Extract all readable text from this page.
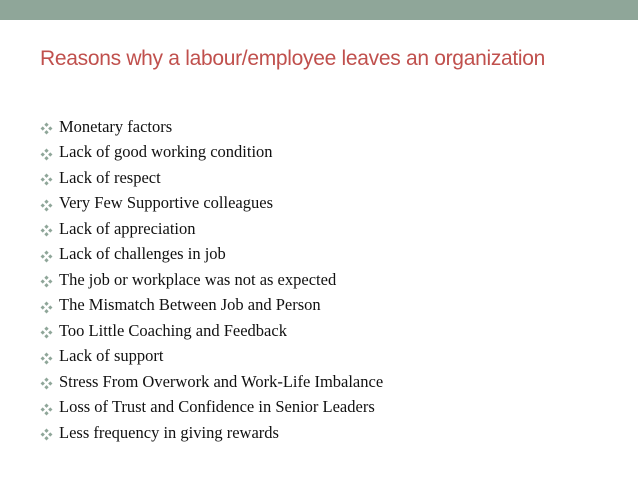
Reasons why a labour/employee leaves an organization
Monetary factors
Lack of good working condition
Lack of respect
Very Few Supportive colleagues
Lack of appreciation
Lack of challenges in job
The job or workplace was not as expected
The Mismatch Between Job and Person
Too Little Coaching and Feedback
Lack of support
Stress From Overwork and Work-Life Imbalance
Loss of Trust and Confidence in Senior Leaders
Less frequency in giving rewards
